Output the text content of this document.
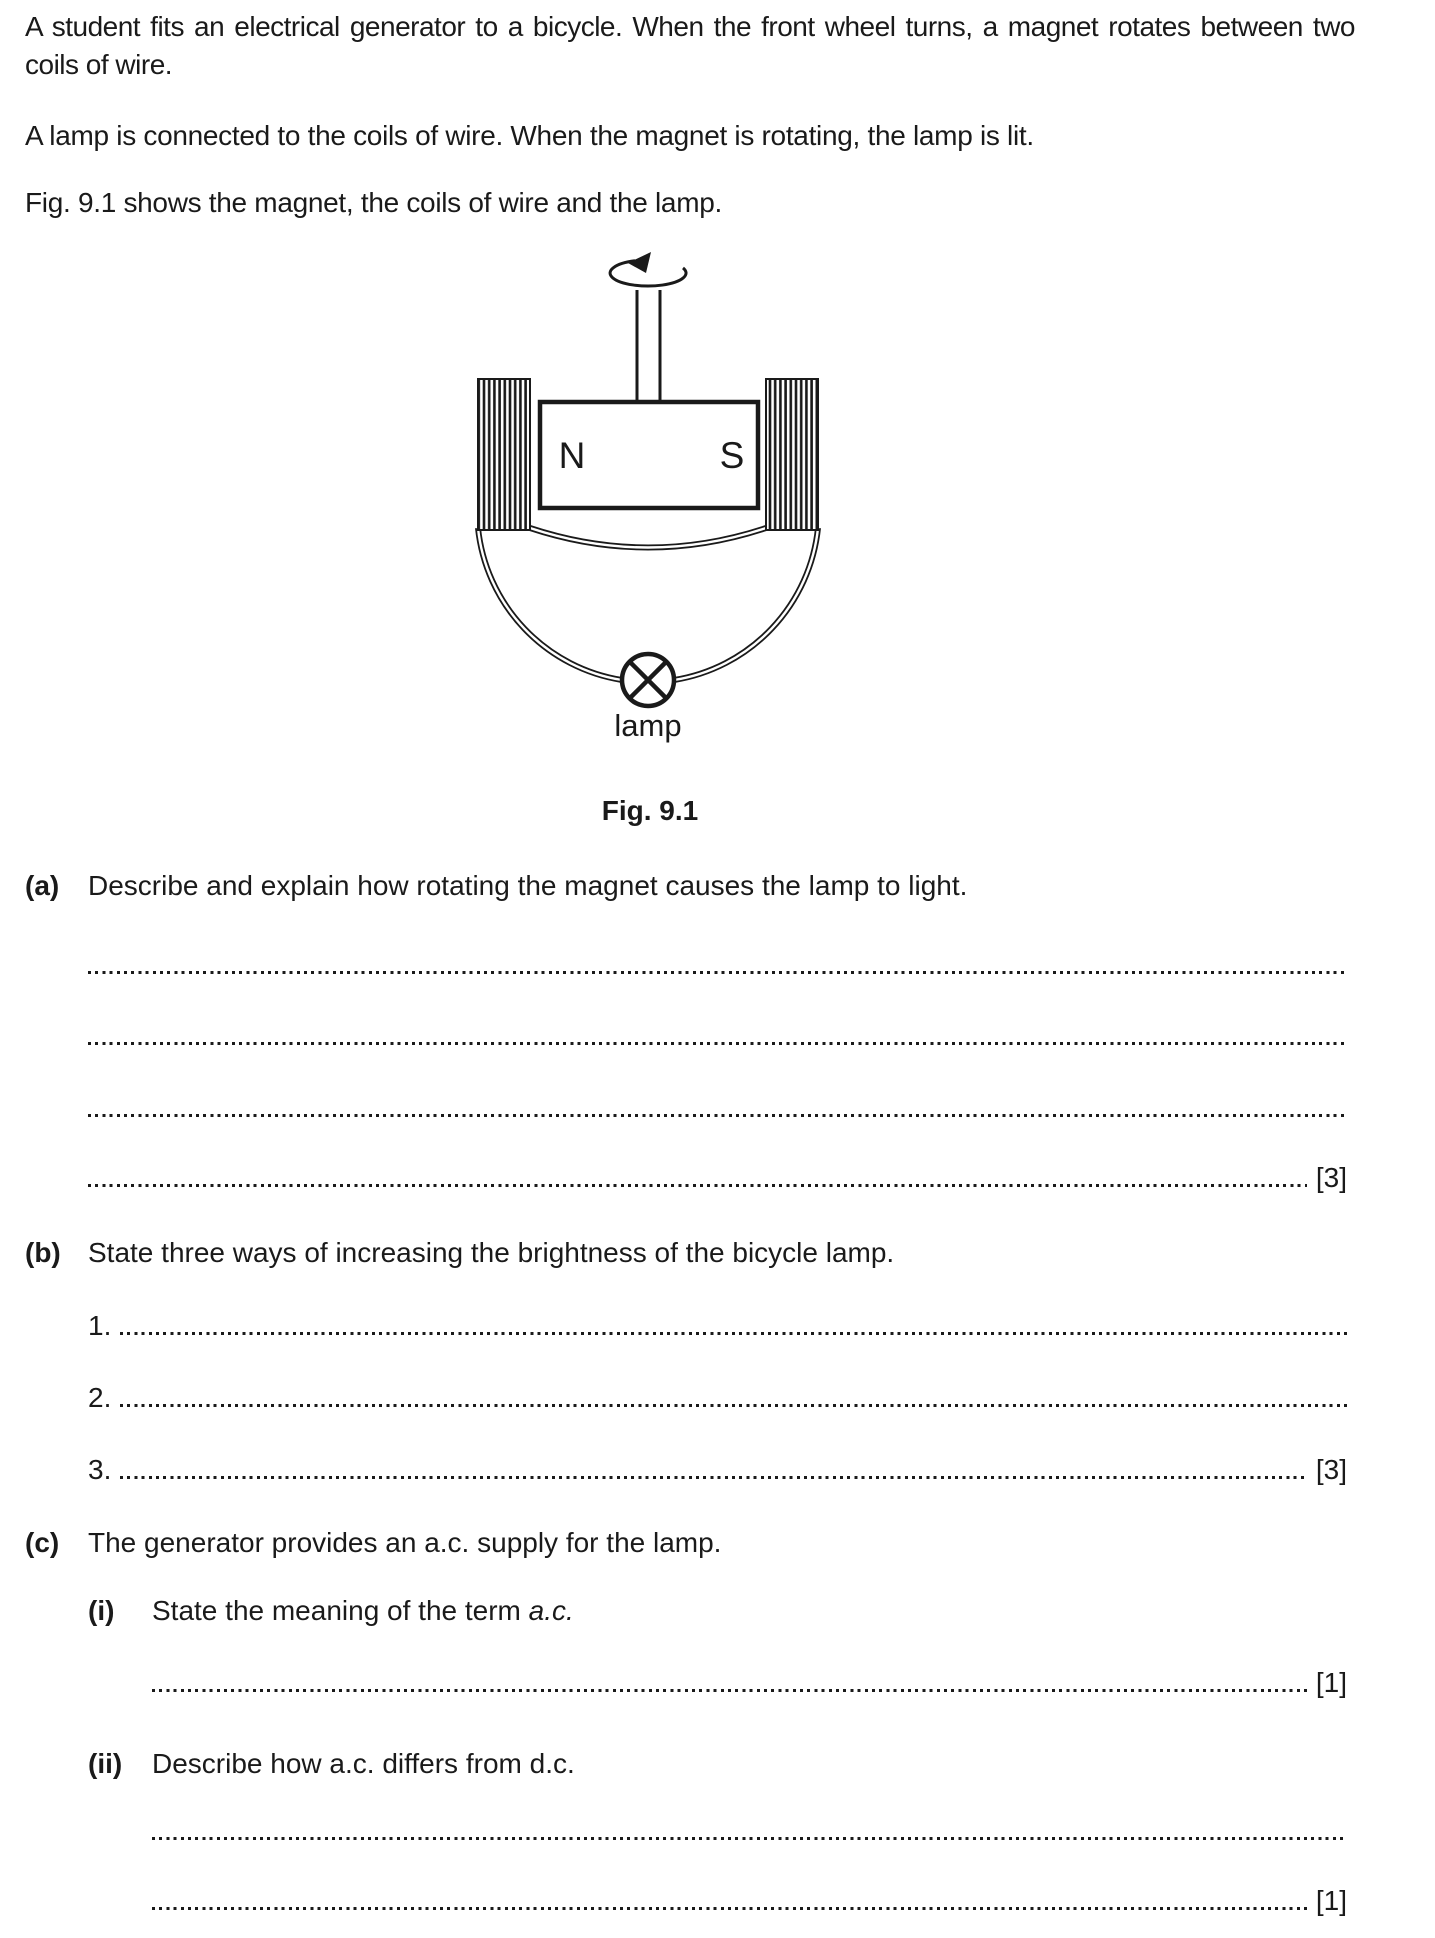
A student fits an electrical generator to a bicycle. When the front wheel turns, a magnet rotates between two coils of wire.
A lamp is connected to the coils of wire. When the magnet is rotating, the lamp is lit.
Fig. 9.1 shows the magnet, the coils of wire and the lamp.
N	S
lamp
Fig. 9.1
(a)	Describe and explain how rotating the magnet causes the lamp to light.
[3]
(b) State three ways of increasing the brightness of the bicycle lamp.
1.
2.
3.	[3]
(c)	The generator provides an a.c. supply for the lamp.
(i)	State the meaning of the term a.c.
[1]
(ii)	Describe how a.c. differs from d.c.
[1]
